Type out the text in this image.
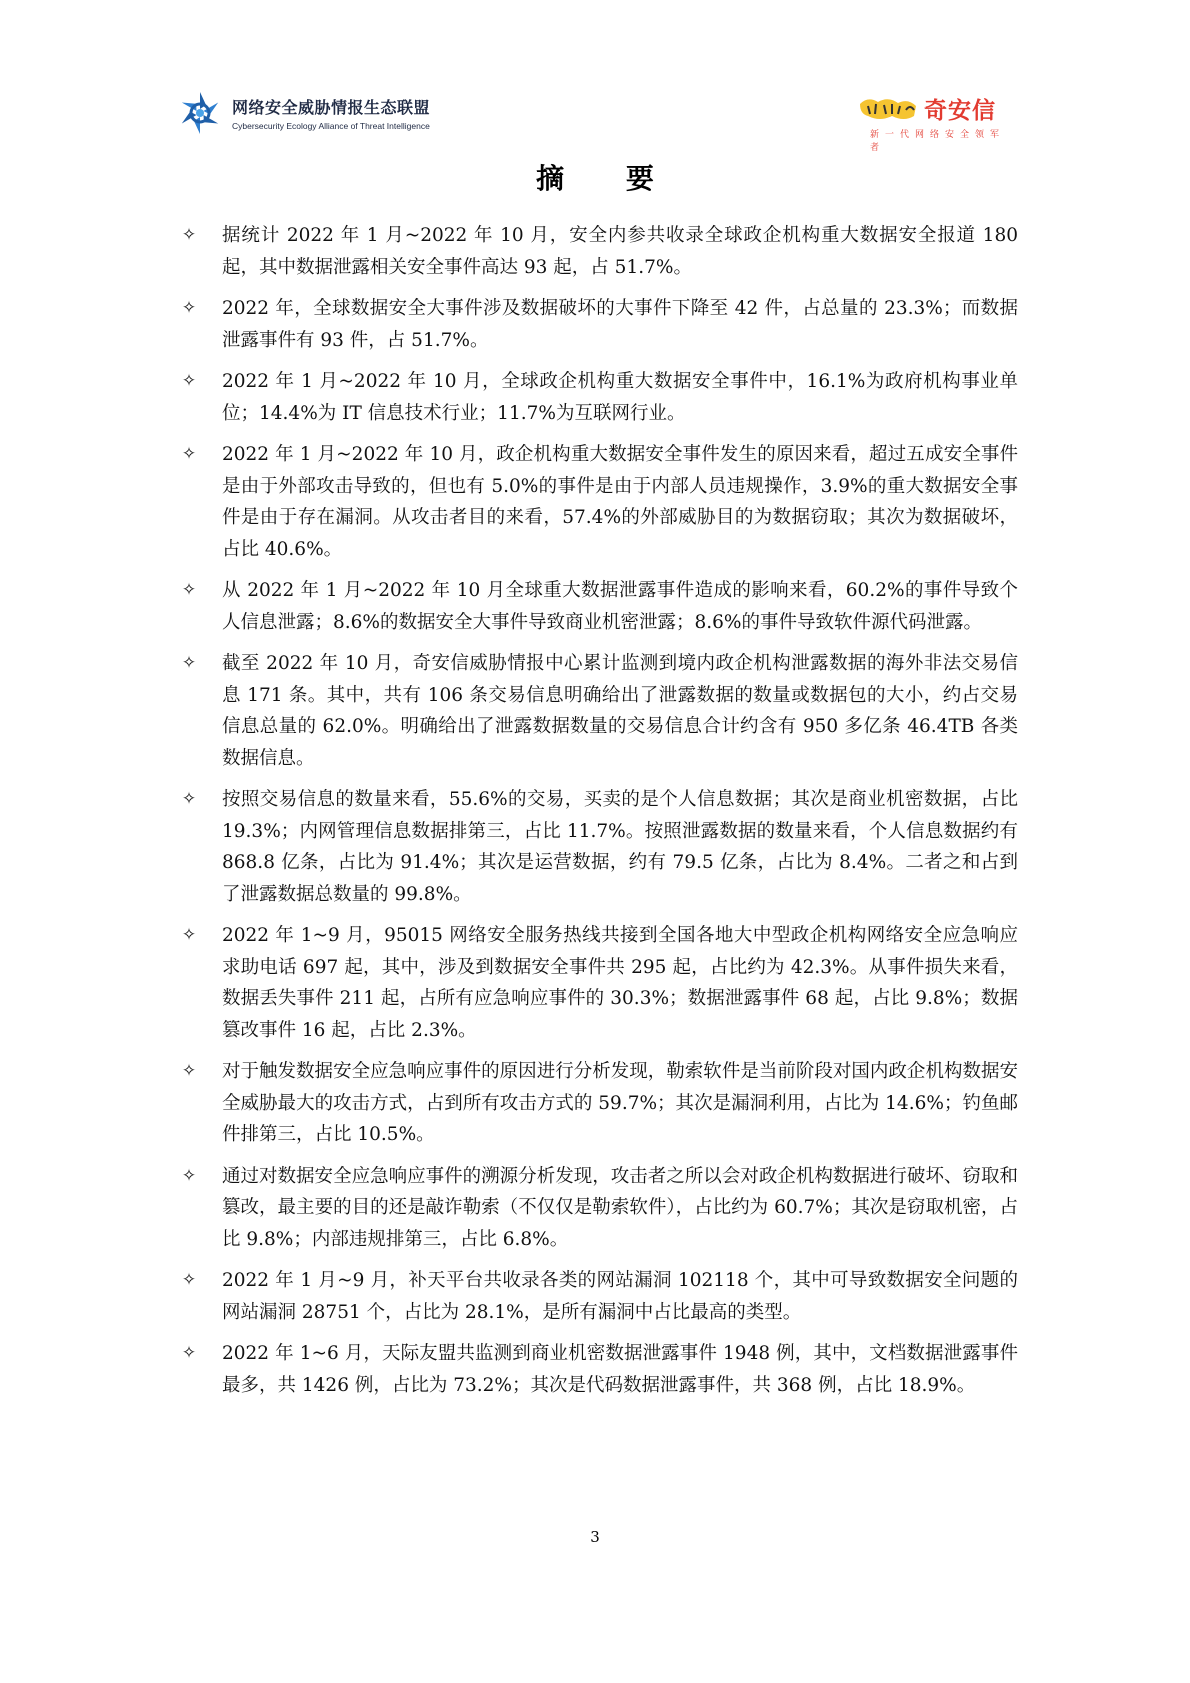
网络安全威胁情报生态联盟
Cybersecurity Ecology Alliance of Threat Intelligence
奇安信
新一代网络安全领军者
摘 要
✧ 据统计 2022 年 1 月~2022 年 10 月，安全内参共收录全球政企机构重大数据安全报道 180 起，其中数据泄露相关安全事件高达 93 起，占 51.7%。
✧ 2022 年，全球数据安全大事件涉及数据破坏的大事件下降至 42 件，占总量的 23.3%；而数据泄露事件有 93 件，占 51.7%。
✧ 2022 年 1 月~2022 年 10 月，全球政企机构重大数据安全事件中，16.1%为政府机构事业单位；14.4%为 IT 信息技术行业；11.7%为互联网行业。
✧ 2022 年 1 月~2022 年 10 月，政企机构重大数据安全事件发生的原因来看，超过五成安全事件是由于外部攻击导致的，但也有 5.0%的事件是由于内部人员违规操作，3.9%的重大数据安全事件是由于存在漏洞。从攻击者目的来看，57.4%的外部威胁目的为数据窃取；其次为数据破坏，占比 40.6%。
✧ 从 2022 年 1 月~2022 年 10 月全球重大数据泄露事件造成的影响来看，60.2%的事件导致个人信息泄露；8.6%的数据安全大事件导致商业机密泄露；8.6%的事件导致软件源代码泄露。
✧ 截至 2022 年 10 月，奇安信威胁情报中心累计监测到境内政企机构泄露数据的海外非法交易信息 171 条。其中，共有 106 条交易信息明确给出了泄露数据的数量或数据包的大小，约占交易信息总量的 62.0%。明确给出了泄露数据数量的交易信息合计约含有 950 多亿条 46.4TB 各类数据信息。
✧ 按照交易信息的数量来看，55.6%的交易，买卖的是个人信息数据；其次是商业机密数据，占比 19.3%；内网管理信息数据排第三，占比 11.7%。按照泄露数据的数量来看，个人信息数据约有 868.8 亿条，占比为 91.4%；其次是运营数据，约有 79.5 亿条，占比为 8.4%。二者之和占到了泄露数据总数量的 99.8%。
✧ 2022 年 1~9 月，95015 网络安全服务热线共接到全国各地大中型政企机构网络安全应急响应求助电话 697 起，其中，涉及到数据安全事件共 295 起，占比约为 42.3%。从事件损失来看，数据丢失事件 211 起，占所有应急响应事件的 30.3%；数据泄露事件 68 起，占比 9.8%；数据篡改事件 16 起，占比 2.3%。
✧ 对于触发数据安全应急响应事件的原因进行分析发现，勒索软件是当前阶段对国内政企机构数据安全威胁最大的攻击方式，占到所有攻击方式的 59.7%；其次是漏洞利用，占比为 14.6%；钓鱼邮件排第三，占比 10.5%。
✧ 通过对数据安全应急响应事件的溯源分析发现，攻击者之所以会对政企机构数据进行破坏、窃取和篡改，最主要的目的还是敲诈勒索（不仅仅是勒索软件），占比约为 60.7%；其次是窃取机密，占比 9.8%；内部违规排第三，占比 6.8%。
✧ 2022 年 1 月~9 月，补天平台共收录各类的网站漏洞 102118 个，其中可导致数据安全问题的网站漏洞 28751 个，占比为 28.1%，是所有漏洞中占比最高的类型。
✧ 2022 年 1~6 月，天际友盟共监测到商业机密数据泄露事件 1948 例，其中，文档数据泄露事件最多，共 1426 例，占比为 73.2%；其次是代码数据泄露事件，共 368 例，占比 18.9%。
3
